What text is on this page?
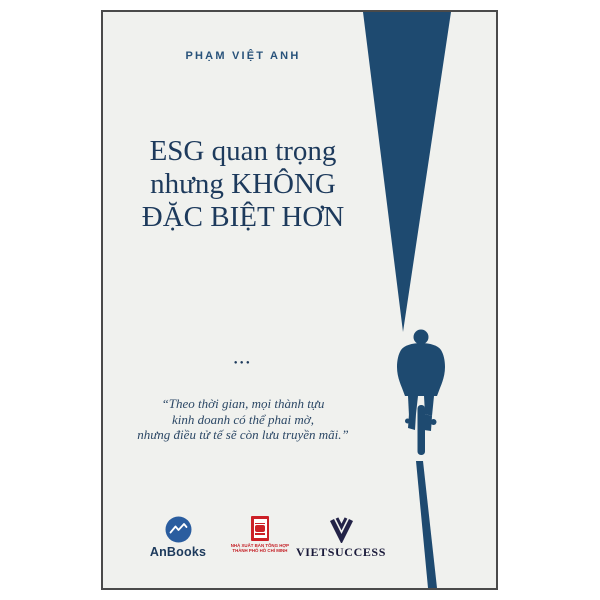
PHẠM VIỆT ANH
ESG quan trọng
nhưng KHÔNG
ĐẶC BIỆT HƠN
●●●
“Theo thời gian, mọi thành tựu
kinh doanh có thể phai mờ,
nhưng điều tử tế sẽ còn lưu truyền mãi.”
AnBooks	NHÀ XUẤT BẢN TỔNG HỢP
THÀNH PHỐ HỒ CHÍ MINH VIETSUCCESS
